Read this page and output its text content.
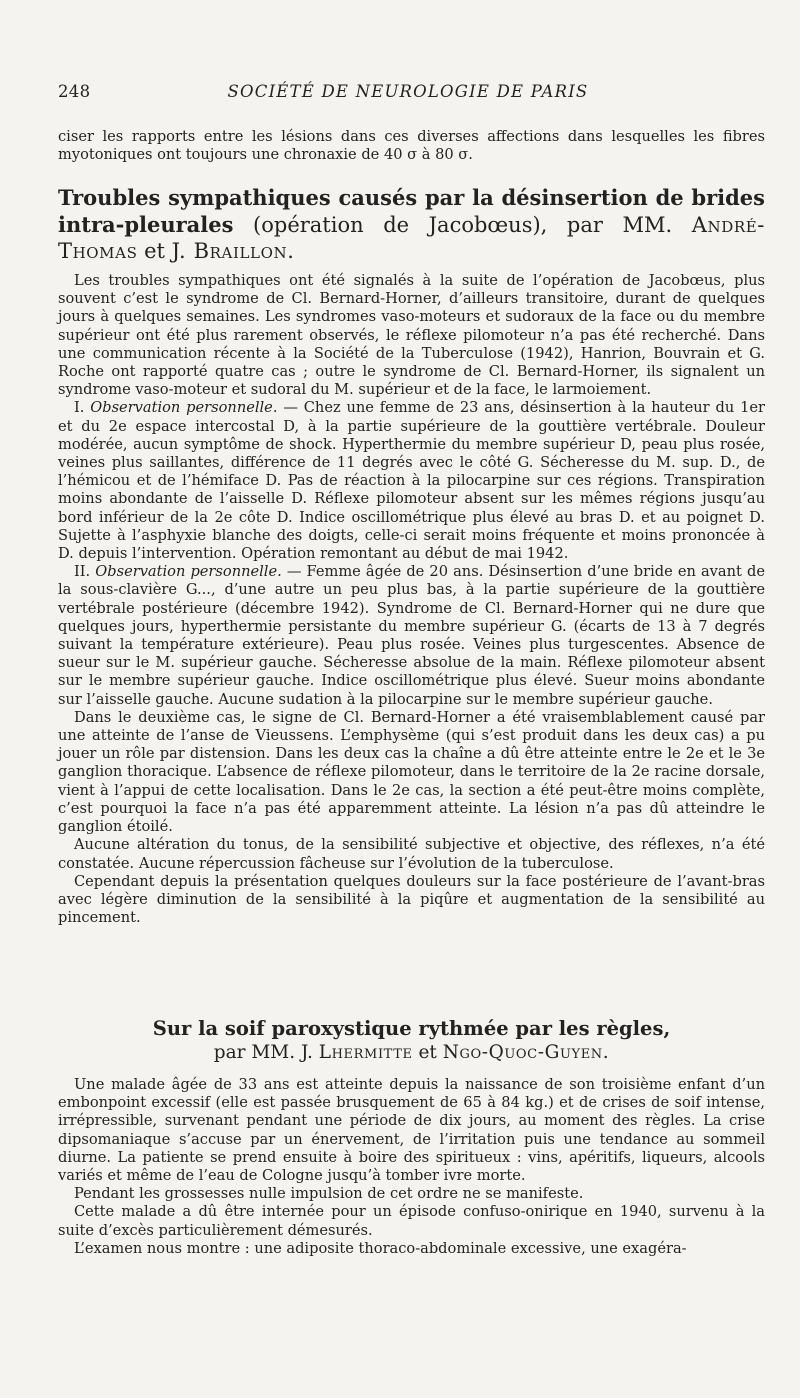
248	SOCIÉTÉ DE NEUROLOGIE DE PARIS

ciser les rapports entre les lésions dans ces diverses affections dans lesquelles les fibres myotoniques ont toujours une chronaxie de 40 σ à 80 σ.

Troubles sympathiques causés par la désinsertion de brides intra-pleurales (opération de Jacobœus), par MM. André-Thomas et J. Braillon.

Les troubles sympathiques ont été signalés à la suite de l’opération de Jacobœus, plus souvent c’est le syndrome de Cl. Bernard-Horner, d’ailleurs transitoire, durant de quelques jours à quelques semaines. Les syndromes vaso-moteurs et sudoraux de la face ou du membre supérieur ont été plus rarement observés, le réflexe pilomoteur n’a pas été recherché. Dans une communication récente à la Société de la Tuberculose (1942), Hanrion, Bouvrain et G. Roche ont rapporté quatre cas ; outre le syndrome de Cl. Bernard-Horner, ils signalent un syndrome vaso-moteur et sudoral du M. supérieur et de la face, le larmoiement.

I. Observation personnelle. — Chez une femme de 23 ans, désinsertion à la hauteur du 1er et du 2e espace intercostal D, à la partie supérieure de la gouttière vertébrale. Douleur modérée, aucun symptôme de shock. Hyperthermie du membre supérieur D, peau plus rosée, veines plus saillantes, différence de 11 degrés avec le côté G. Sécheresse du M. sup. D., de l’hémicou et de l’hémiface D. Pas de réaction à la pilocarpine sur ces régions. Transpiration moins abondante de l’aisselle D. Réflexe pilomoteur absent sur les mêmes régions jusqu’au bord inférieur de la 2e côte D. Indice oscillométrique plus élevé au bras D. et au poignet D. Sujette à l’asphyxie blanche des doigts, celle-ci serait moins fréquente et moins prononcée à D. depuis l’intervention. Opération remontant au début de mai 1942.

II. Observation personnelle. — Femme âgée de 20 ans. Désinsertion d’une bride en avant de la sous-clavière G..., d’une autre un peu plus bas, à la partie supérieure de la gouttière vertébrale postérieure (décembre 1942). Syndrome de Cl. Bernard-Horner qui ne dure que quelques jours, hyperthermie persistante du membre supérieur G. (écarts de 13 à 7 degrés suivant la température extérieure). Peau plus rosée. Veines plus turgescentes. Absence de sueur sur le M. supérieur gauche. Sécheresse absolue de la main. Réflexe pilomoteur absent sur le membre supérieur gauche. Indice oscillométrique plus élevé. Sueur moins abondante sur l’aisselle gauche. Aucune sudation à la pilocarpine sur le membre supérieur gauche.

Dans le deuxième cas, le signe de Cl. Bernard-Horner a été vraisemblablement causé par une atteinte de l’anse de Vieussens. L’emphysème (qui s’est produit dans les deux cas) a pu jouer un rôle par distension. Dans les deux cas la chaîne a dû être atteinte entre le 2e et le 3e ganglion thoracique. L’absence de réflexe pilomoteur, dans le territoire de la 2e racine dorsale, vient à l’appui de cette localisation. Dans le 2e cas, la section a été peut-être moins complète, c’est pourquoi la face n’a pas été apparemment atteinte. La lésion n’a pas dû atteindre le ganglion étoilé.

Aucune altération du tonus, de la sensibilité subjective et objective, des réflexes, n’a été constatée. Aucune répercussion fâcheuse sur l’évolution de la tuberculose.

Cependant depuis la présentation quelques douleurs sur la face postérieure de l’avant-bras avec légère diminution de la sensibilité à la piqûre et augmentation de la sensibilité au pincement.

Sur la soif paroxystique rythmée par les règles,
par MM. J. Lhermitte et Ngo-Quoc-Guyen.

Une malade âgée de 33 ans est atteinte depuis la naissance de son troisième enfant d’un embonpoint excessif (elle est passée brusquement de 65 à 84 kg.) et de crises de soif intense, irrépressible, survenant pendant une période de dix jours, au moment des règles. La crise dipsomaniaque s’accuse par un énervement, de l’irritation puis une tendance au sommeil diurne. La patiente se prend ensuite à boire des spiritueux : vins, apéritifs, liqueurs, alcools variés et même de l’eau de Cologne jusqu’à tomber ivre morte.

Pendant les grossesses nulle impulsion de cet ordre ne se manifeste.

Cette malade a dû être internée pour un épisode confuso-onirique en 1940, survenu à la suite d’excès particulièrement démesurés.

L’examen nous montre : une adiposite thoraco-abdominale excessive, une exagéra-
